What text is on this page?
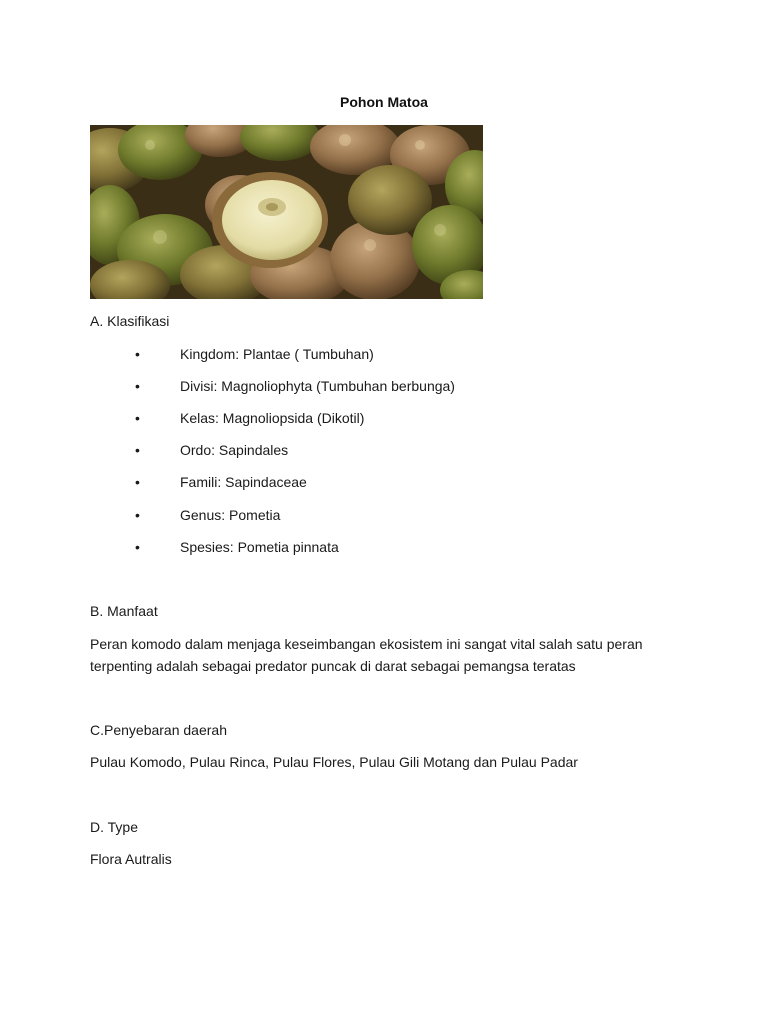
Pohon Matoa
A. Klasifikasi
•	Kingdom: Plantae ( Tumbuhan)
•	Divisi: Magnoliophyta (Tumbuhan berbunga)
•	Kelas: Magnoliopsida (Dikotil)
•	Ordo: Sapindales
•	Famili: Sapindaceae
•	Genus: Pometia
•	Spesies: Pometia pinnata
B. Manfaat
Peran komodo dalam menjaga keseimbangan ekosistem ini sangat vital salah satu peran terpenting adalah sebagai predator puncak di darat sebagai pemangsa teratas
C.Penyebaran daerah
Pulau Komodo, Pulau Rinca, Pulau Flores, Pulau Gili Motang dan Pulau Padar
D. Type
Flora Autralis
